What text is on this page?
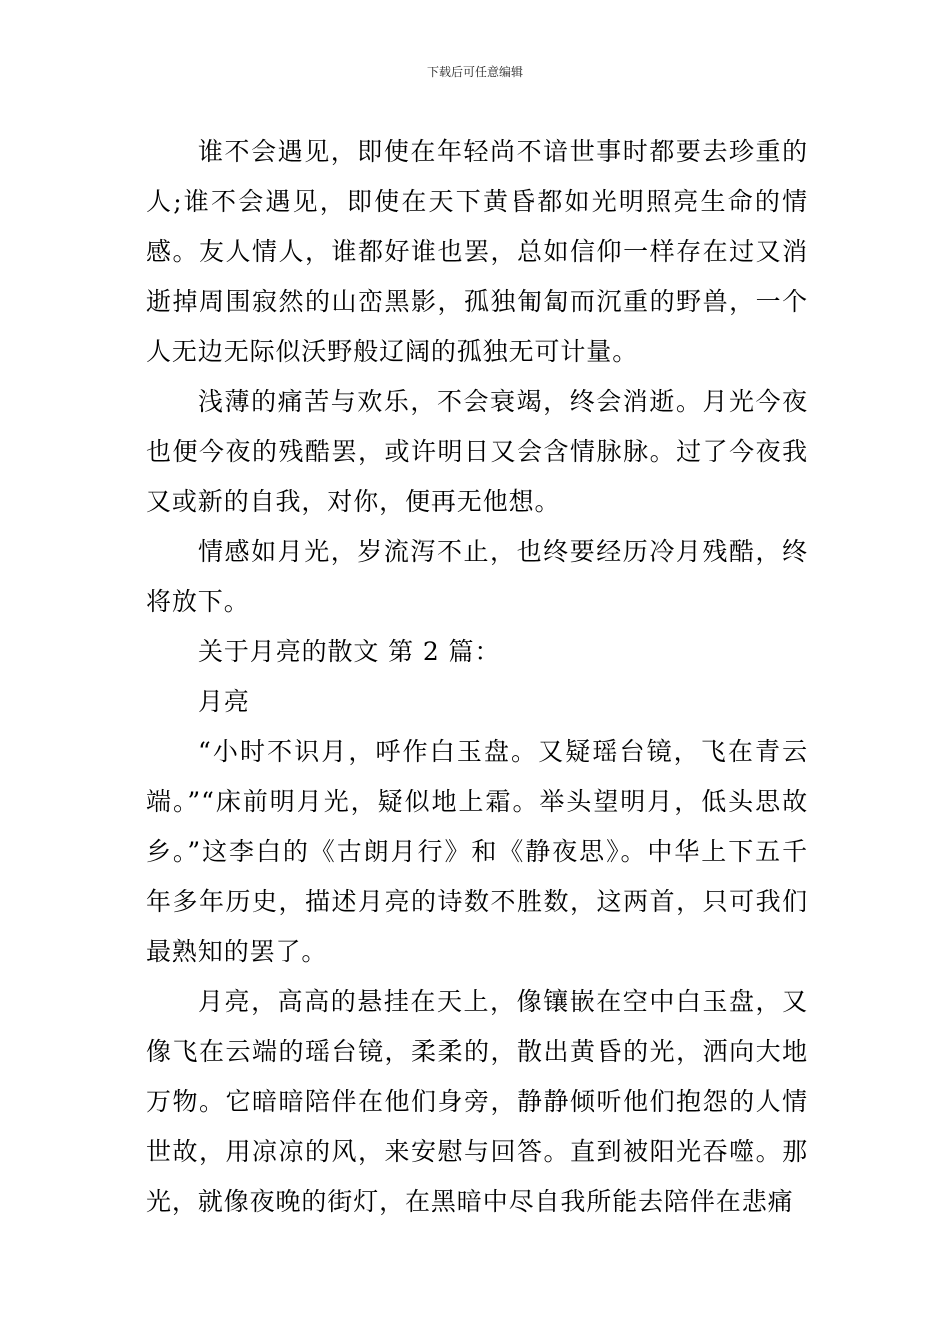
下载后可任意编辑

谁不会遇见，即使在年轻尚不谙世事时都要去珍重的人;谁不会遇见，即使在天下黄昏都如光明照亮生命的情感。友人情人，谁都好谁也罢，总如信仰一样存在过又消逝掉周围寂然的山峦黑影，孤独匍匐而沉重的野兽，一个人无边无际似沃野般辽阔的孤独无可计量。

浅薄的痛苦与欢乐，不会衰竭，终会消逝。月光今夜也便今夜的残酷罢，或许明日又会含情脉脉。过了今夜我又或新的自我，对你，便再无他想。

情感如月光，岁流泻不止，也终要经历冷月残酷，终将放下。

关于月亮的散文 第 2 篇：

月亮

“小时不识月，呼作白玉盘。又疑瑶台镜，飞在青云端。”“床前明月光，疑似地上霜。举头望明月，低头思故乡。”这李白的《古朗月行》和《静夜思》。中华上下五千年多年历史，描述月亮的诗数不胜数，这两首，只可我们最熟知的罢了。

月亮，高高的悬挂在天上，像镶嵌在空中白玉盘，又像飞在云端的瑶台镜，柔柔的，散出黄昏的光，洒向大地万物。它暗暗陪伴在他们身旁，静静倾听他们抱怨的人情世故，用凉凉的风，来安慰与回答。直到被阳光吞噬。那光，就像夜晚的街灯，在黑暗中尽自我所能去陪伴在悲痛
